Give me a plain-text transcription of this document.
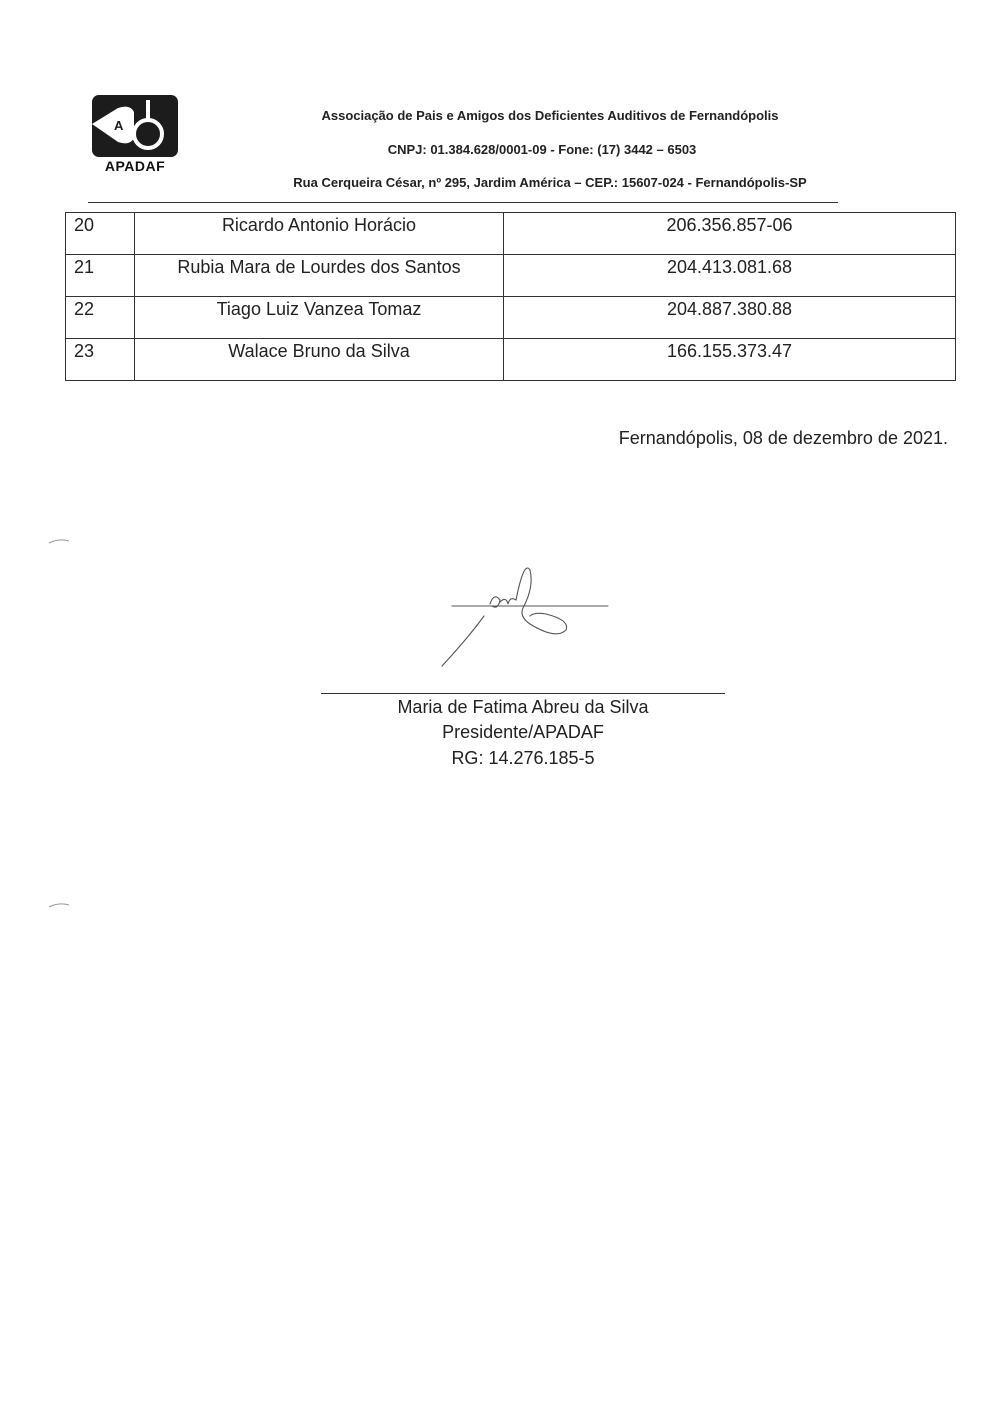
A
APADAF
Associação de Pais e Amigos dos Deficientes Auditivos de Fernandópolis
CNPJ: 01.384.628/0001-09 - Fone: (17) 3442 – 6503
Rua Cerqueira César, nº 295, Jardim América – CEP.: 15607-024 - Fernandópolis-SP
20	Ricardo Antonio Horácio	206.356.857-06
21	Rubia Mara de Lourdes dos Santos	204.413.081.68
22	Tiago Luiz Vanzea Tomaz	204.887.380.88
23	Walace Bruno da Silva	166.155.373.47
Fernandópolis, 08 de dezembro de 2021.
Maria de Fatima Abreu da Silva
Presidente/APADAF
RG: 14.276.185-5
